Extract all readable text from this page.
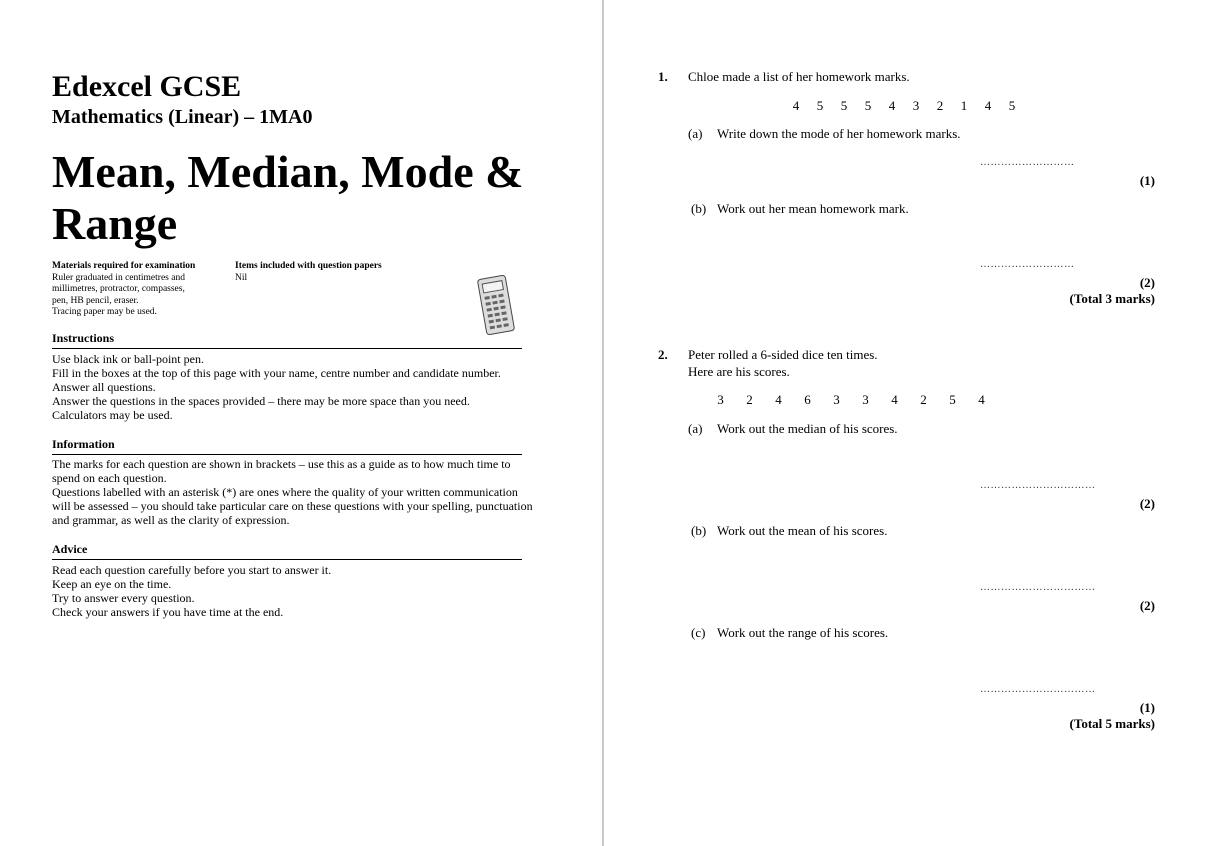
Edexcel GCSE
Mathematics (Linear) – 1MA0
Mean, Median, Mode &
Range
Materials required for examination
Ruler graduated in centimetres and
millimetres, protractor, compasses,
pen, HB pencil, eraser.
Tracing paper may be used.
Items included with question papers
Nil
Instructions
Use black ink or ball-point pen.
Fill in the boxes at the top of this page with your name, centre number and candidate number.
Answer all questions.
Answer the questions in the spaces provided – there may be more space than you need.
Calculators may be used.
Information
The marks for each question are shown in brackets – use this as a guide as to how much time to
spend on each question.
Questions labelled with an asterisk (*) are ones where the quality of your written communication
will be assessed – you should take particular care on these questions with your spelling, punctuation
and grammar, as well as the clarity of expression.
Advice
Read each question carefully before you start to answer it.
Keep an eye on the time.
Try to answer every question.
Check your answers if you have time at the end.
1. Chloe made a list of her homework marks.
4 5 5 5 4 3 2 1 4 5
(a) Write down the mode of her homework marks.
………………………
(1)
(b) Work out her mean homework mark.
………………………
(2)
(Total 3 marks)
2. Peter rolled a 6-sided dice ten times.
Here are his scores.
3 2 4 6 3 3 4 2 5 4
(a) Work out the median of his scores.
……………………………
(2)
(b) Work out the mean of his scores.
……………………………
(2)
(c) Work out the range of his scores.
……………………………
(1)
(Total 5 marks)
